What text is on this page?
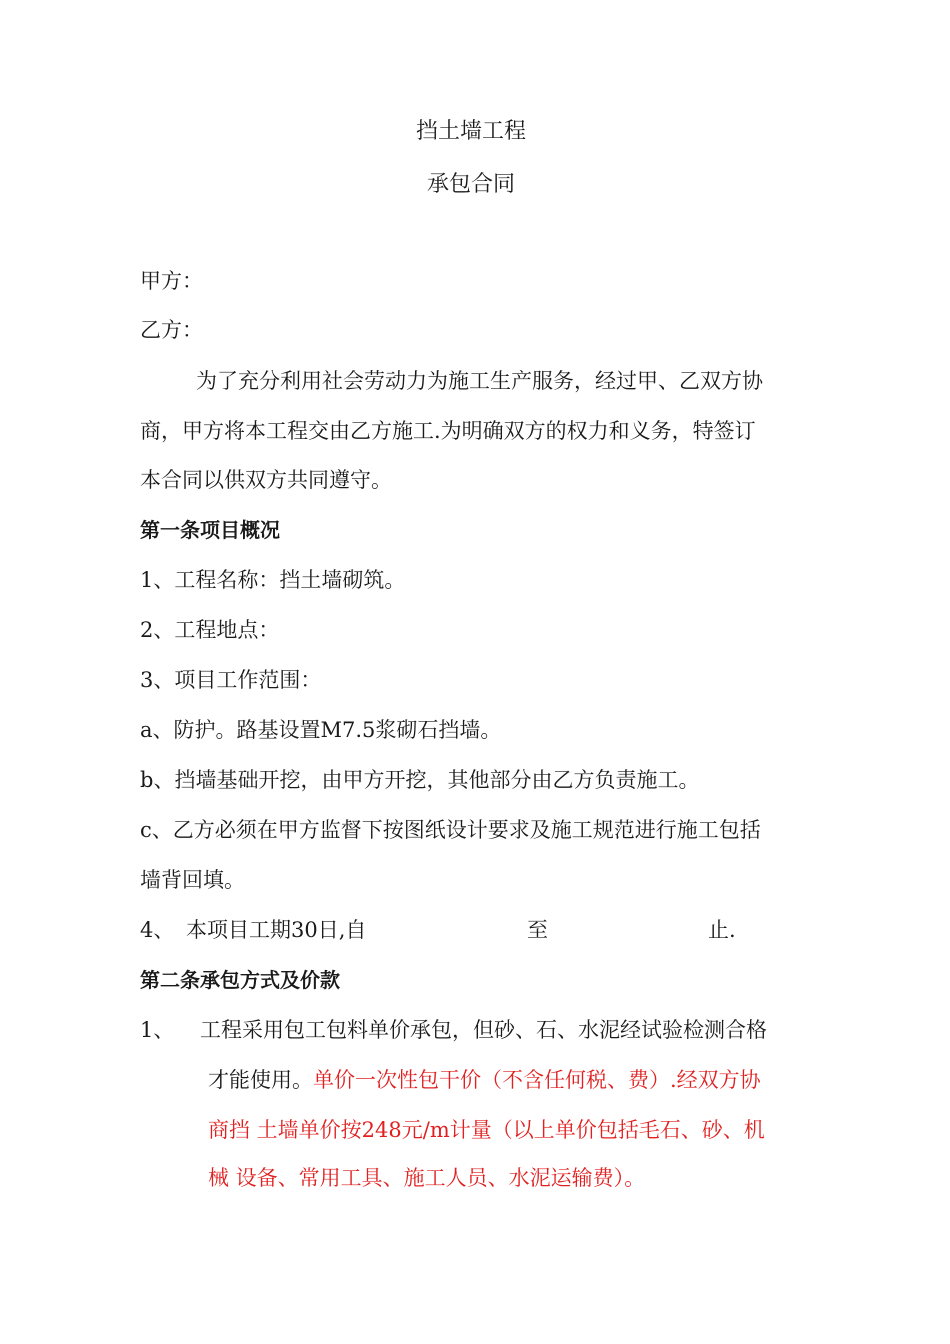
挡土墙工程
承包合同
甲方：
乙方：
为了充分利用社会劳动力为施工生产服务，经过甲、乙双方协
商，甲方将本工程交由乙方施工.为明确双方的权力和义务，特签订
本合同以供双方共同遵守。
第一条项目概况
1、工程名称：挡土墙砌筑。
2、工程地点：
3、项目工作范围：
a、防护。路基设置M7.5浆砌石挡墙。
b、挡墙基础开挖，由甲方开挖，其他部分由乙方负责施工。
c、乙方必须在甲方监督下按图纸设计要求及施工规范进行施工包括
墙背回填。
4、 本项目工期30日,自	至	止.
第二条承包方式及价款
1、 工程采用包工包料单价承包，但砂、石、水泥经试验检测合格
才能使用。单价一次性包干价（不含任何税、费）.经双方协
商挡 土墙单价按248元/m计量（以上单价包括毛石、砂、机
械 设备、常用工具、施工人员、水泥运输费）。
